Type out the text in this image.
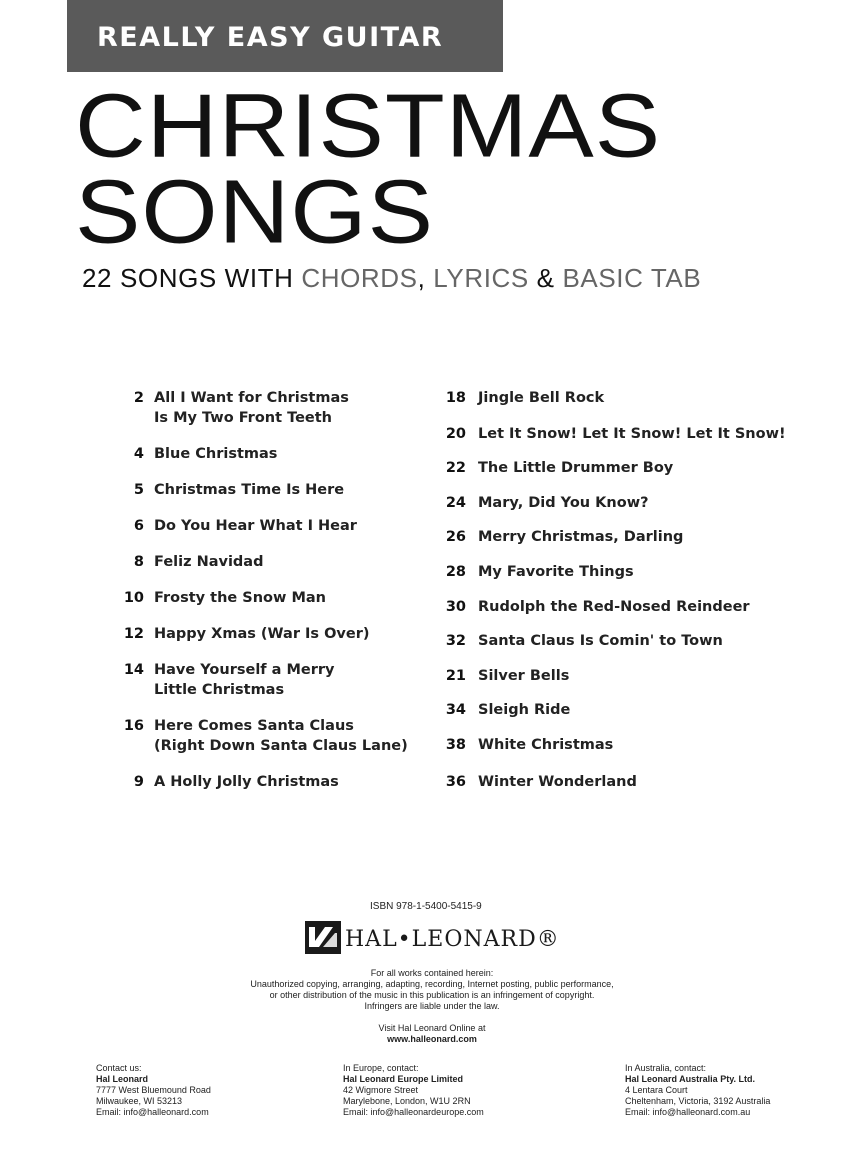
REALLY EASY GUITAR
CHRISTMAS
SONGS
22 SONGS WITH CHORDS, LYRICS & BASIC TAB
2 All I Want for Christmas
Is My Two Front Teeth
4 Blue Christmas
5 Christmas Time Is Here
6 Do You Hear What I Hear
8 Feliz Navidad
10 Frosty the Snow Man
12 Happy Xmas (War Is Over)
14 Have Yourself a Merry
Little Christmas
16 Here Comes Santa Claus
(Right Down Santa Claus Lane)
9 A Holly Jolly Christmas
18 Jingle Bell Rock
20 Let It Snow! Let It Snow! Let It Snow!
22 The Little Drummer Boy
24 Mary, Did You Know?
26 Merry Christmas, Darling
28 My Favorite Things
30 Rudolph the Red-Nosed Reindeer
32 Santa Claus Is Comin' to Town
21 Silver Bells
34 Sleigh Ride
38 White Christmas
36 Winter Wonderland
ISBN 978-1-5400-5415-9
HAL•LEONARD®

For all works contained herein:

Unauthorized copying, arranging, adapting, recording, Internet posting, public performance,

or other distribution of the music in this publication is an infringement of copyright.

Infringers are liable under the law.

Visit Hal Leonard Online at

www.halleonard.com

Contact us:

Hal Leonard

7777 West Bluemound Road

Milwaukee, WI 53213

Email: info@halleonard.com

In Europe, contact:

Hal Leonard Europe Limited

42 Wigmore Street

Marylebone, London, W1U 2RN

Email: info@halleonardeurope.com

In Australia, contact:

Hal Leonard Australia Pty. Ltd.

4 Lentara Court

Cheltenham, Victoria, 3192 Australia

Email: info@halleonard.com.au
